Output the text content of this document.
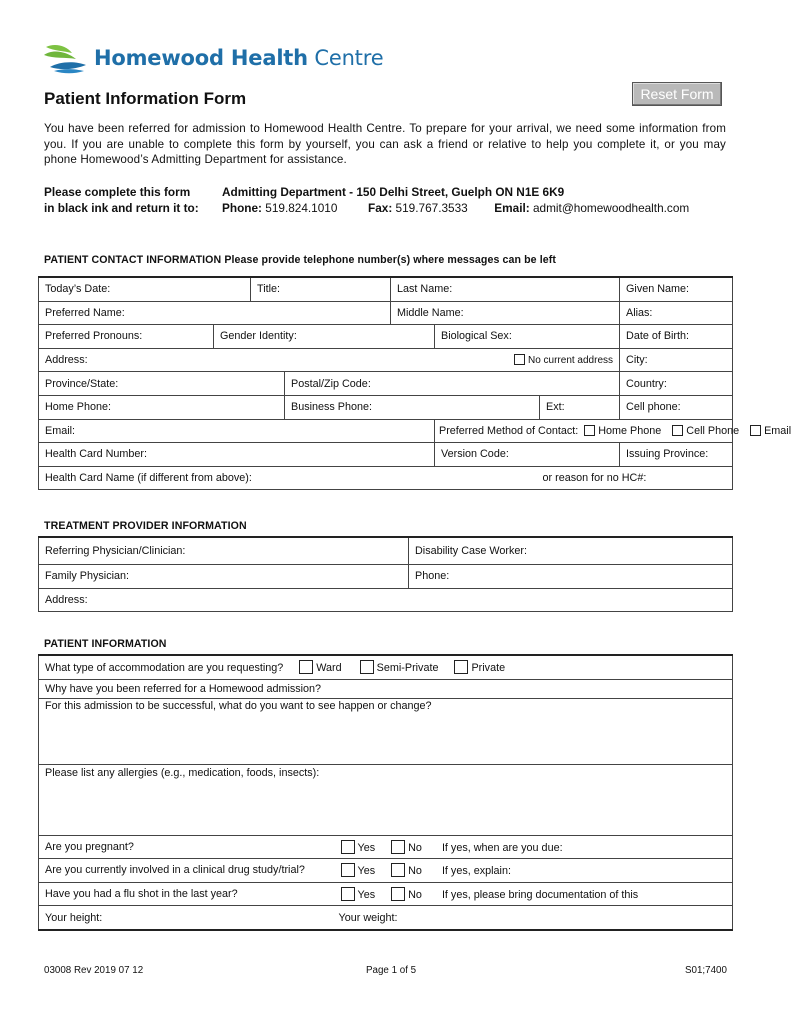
Homewood Health Centre
Reset Form
Patient Information Form
You have been referred for admission to Homewood Health Centre. To prepare for your arrival, we need some information from you. If you are unable to complete this form by yourself, you can ask a friend or relative to help you complete it, or you may phone Homewood’s Admitting Department for assistance.
Please complete this form
in black ink and return it to:
Admitting Department - 150 Delhi Street, Guelph ON N1E 6K9
Phone: 519.824.1010	Fax: 519.767.3533 Email: admit@homewoodhealth.com
PATIENT CONTACT INFORMATION Please provide telephone number(s) where messages can be left
Today’s Date:		Title:		Last Name:			Given Name:
Preferred Name:				Middle Name:			Alias:
Preferred Pronouns:	Gender Identity:				Biological Sex:		Date of Birth:
Address: No current address							City:
Province/State:			Postal/Zip Code:				Country:
Home Phone:			Business Phone:			Ext:	Cell phone:
Email:					Preferred Method of Contact: Home Phone Cell Phone Email		
Health Card Number:					Version Code:		Issuing Province:
Health Card Name (if different from above):					or reason for no HC#:		
TREATMENT PROVIDER INFORMATION
Referring Physician/Clinician:	Disability Case Worker:
Family Physician:	Phone:
Address:	
PATIENT INFORMATION
What type of accommodation are you requesting? Ward Semi-Private Private	
Why have you been referred for a Homewood admission?	
For this admission to be successful, what do you want to see happen or change?	
Please list any allergies (e.g., medication, foods, insects):	
Are you pregnant?	Yes No If yes, when are you due:
Are you currently involved in a clinical drug study/trial?	Yes No If yes, explain:
Have you had a flu shot in the last year?	Yes No If yes, please bring documentation of this
Your height:	Your weight:
03008 Rev 2019 07 12	Page 1 of 5	S01;7400
